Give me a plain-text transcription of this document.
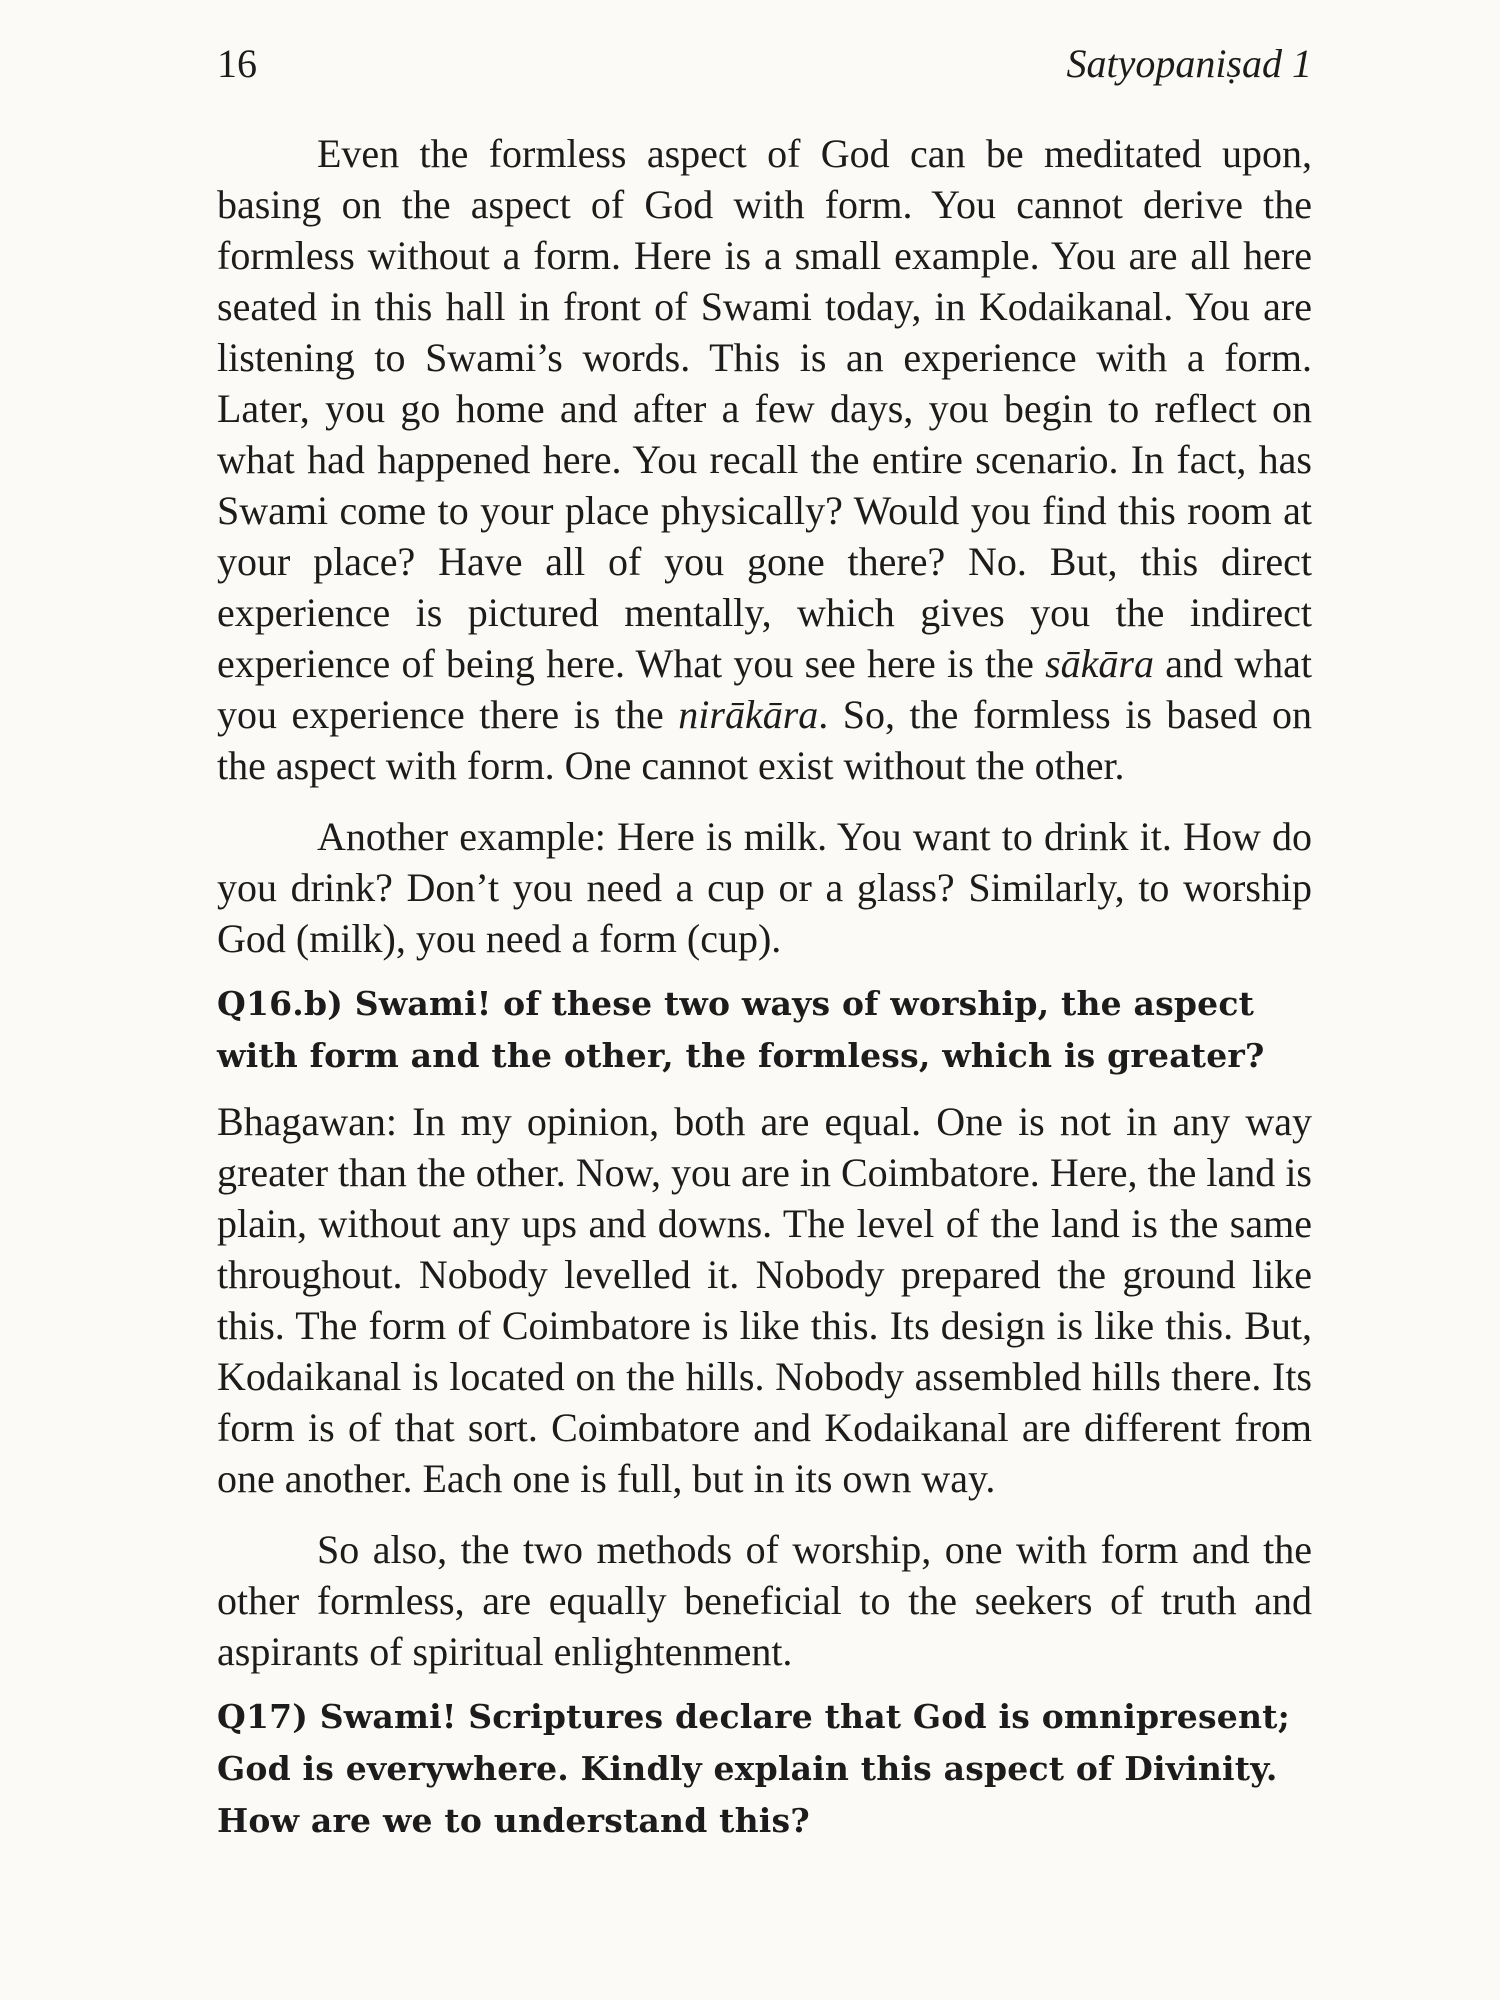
16	Satyopaniṣad 1

Even the formless aspect of God can be meditated upon, basing on the aspect of God with form. You cannot derive the formless without a form. Here is a small example. You are all here seated in this hall in front of Swami today, in Kodaikanal. You are listening to Swami’s words. This is an experience with a form. Later, you go home and after a few days, you begin to reflect on what had happened here. You recall the entire scenario. In fact, has Swami come to your place physically? Would you find this room at your place? Have all of you gone there? No. But, this direct experience is pictured mentally, which gives you the indirect experience of being here. What you see here is the sākāra and what you experience there is the nirākāra. So, the formless is based on the aspect with form. One cannot exist without the other.

Another example: Here is milk. You want to drink it. How do you drink? Don’t you need a cup or a glass? Similarly, to worship God (milk), you need a form (cup).

Q16.b) Swami! of these two ways of worship, the aspect with form and the other, the formless, which is greater?

Bhagawan: In my opinion, both are equal. One is not in any way greater than the other. Now, you are in Coimbatore. Here, the land is plain, without any ups and downs. The level of the land is the same throughout. Nobody levelled it. Nobody prepared the ground like this. The form of Coimbatore is like this. Its design is like this. But, Kodaikanal is located on the hills. Nobody assembled hills there. Its form is of that sort. Coimbatore and Kodaikanal are different from one another. Each one is full, but in its own way.

So also, the two methods of worship, one with form and the other formless, are equally beneficial to the seekers of truth and aspirants of spiritual enlightenment.

Q17) Swami! Scriptures declare that God is omnipresent; God is everywhere. Kindly explain this aspect of Divinity. How are we to understand this?
